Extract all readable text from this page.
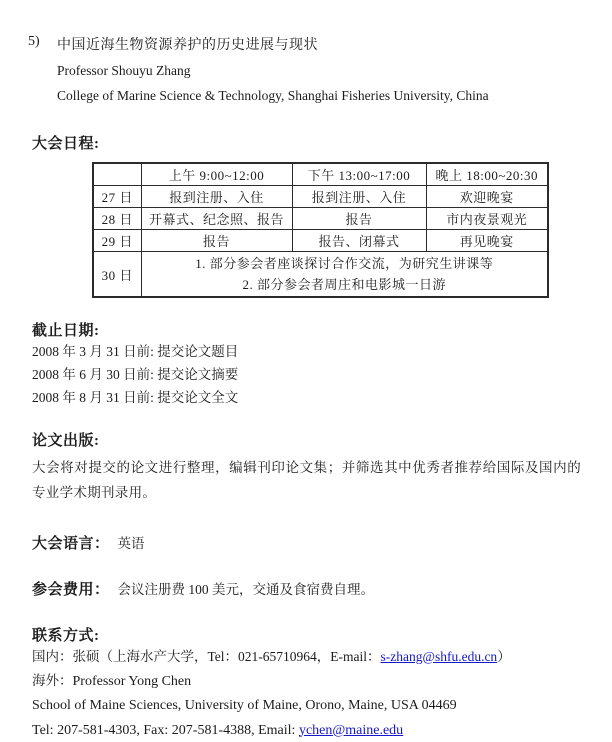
5)	中国近海生物资源养护的历史进展与现状
Professor Shouyu Zhang
College of Marine Science & Technology, Shanghai Fisheries University, China
大会日程:
	上午 9:00~12:00	下午 13:00~17:00	晚上 18:00~20:30
27 日	报到注册、入住	报到注册、入住	欢迎晚宴
28 日	开幕式、纪念照、报告	报告	市内夜景观光
29 日	报告	报告、闭幕式	再见晚宴
30 日	1. 部分参会者座谈探讨合作交流，为研究生讲课等
2. 部分参会者周庄和电影城一日游		
截止日期:
2008 年 3 月 31 日前: 提交论文题目
2008 年 6 月 30 日前: 提交论文摘要
2008 年 8 月 31 日前: 提交论文全文
论文出版:
大会将对提交的论文进行整理，编辑刊印论文集；并筛选其中优秀者推荐给国际及国内的专业学术期刊录用。
大会语言： 英语
参会费用： 会议注册费 100 美元，交通及食宿费自理。
联系方式:
国内：张硕（上海水产大学，Tel：021-65710964，E-mail：s-zhang@shfu.edu.cn）
海外：Professor Yong Chen
School of Maine Sciences, University of Maine, Orono, Maine, USA 04469
Tel: 207-581-4303, Fax: 207-581-4388, Email: ychen@maine.edu
